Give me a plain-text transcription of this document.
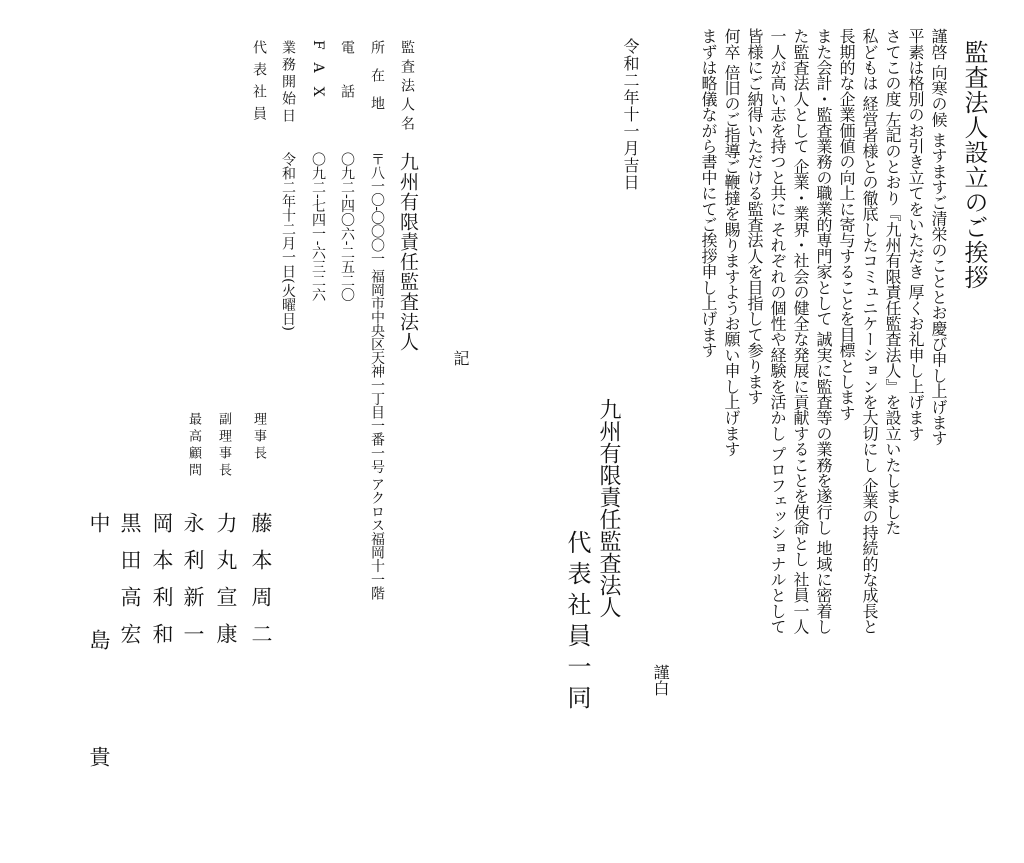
監査法人設立のご挨拶
謹啓 向寒の候 ますますご清栄のこととお慶び申し上げます
平素は格別のお引き立てをいただき 厚くお礼申し上げます
さてこの度 左記のとおり『九州有限責任監査法人』を設立いたしました
私どもは 経営者様との徹底したコミュニケーションを大切にし 企業の持続的な成長と
長期的な企業価値の向上に寄与することを目標とします
また会計・監査業務の職業的専門家として 誠実に監査等の業務を遂行し 地域に密着し
た監査法人として 企業・業界・社会の健全な発展に貢献することを使命とし 社員一人
一人が高い志を持つと共に それぞれの個性や経験を活かし プロフェッショナルとして
皆様にご納得いただける監査法人を目指して参ります
何卒 倍旧のご指導ご鞭撻を賜りますようお願い申し上げます
まずは略儀ながら書中にてご挨拶申し上げます
謹白
令和二年十一月吉日
九州有限責任監査法人
代表社員一同
記
監査法人名
九州有限責任監査法人
所在地
〒八一〇-〇〇〇一 福岡市中央区天神一丁目一番一号 アクロス福岡十一階
電話
〇九二-四〇六-二五二〇
FAX
〇九二-七四一-六三二六
業務開始日
令和二年十二月一日(火曜日)
代表社員
理事長
藤本周二
副理事長
力丸宣康
永利新一
最高顧問
岡本利和
黒田高宏
中島貴
